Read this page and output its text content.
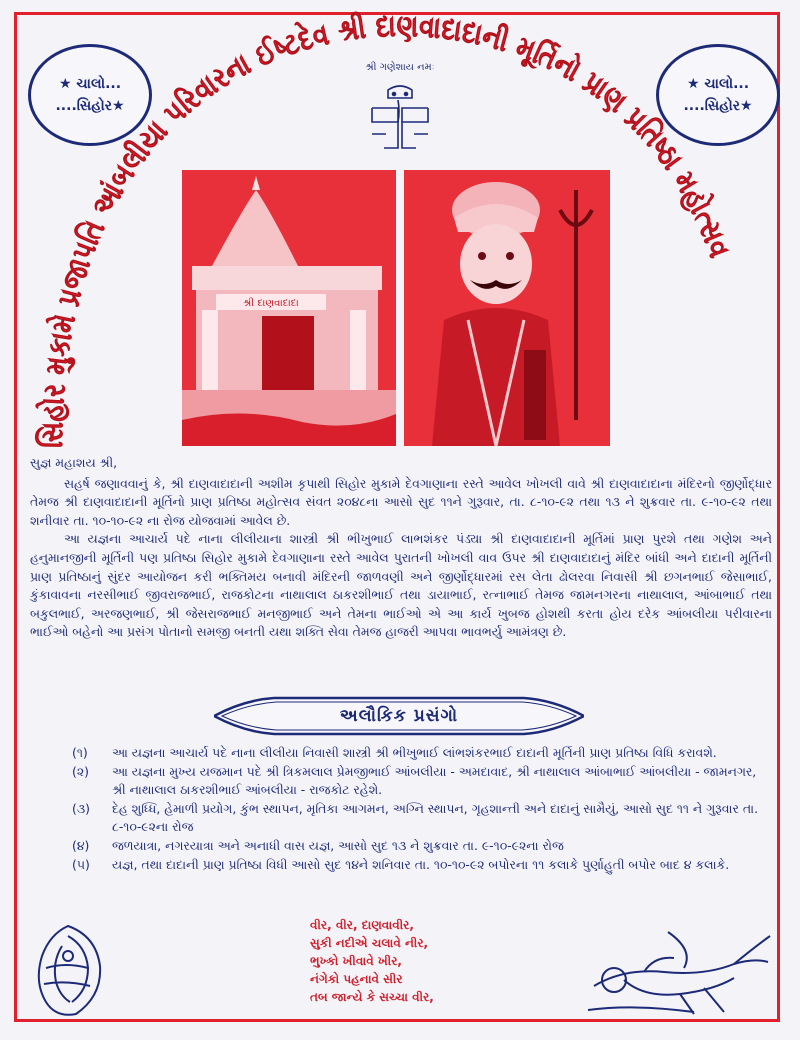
★ ચાલો...
....સિહોર★
★ ચાલો...
....સિહોર★
સિહોર મુકામે પ્રજાપતિ આંબલીયા પરિવારના ઈષ્ટદેવ શ્રી દાણવાદાદાની મૂર્તિનો પ્રાણ પ્રતિષ્ઠા મહોત્સવ
શ્રી ગણેશાય નમઃ
શ્રી દાણવાદાદા

સુજ્ઞ મહાશય શ્રી,

સહર્ષ જણાવવાનું કે, શ્રી દાણવાદાદાની અશીમ કૃપાથી સિહોર મુકામે દેવગાણાના રસ્તે આવેલ ખોખલી વાવે શ્રી દાણવાદાદાના મંદિરનો જીર્ણોદ્ધાર તેમજ શ્રી દાણવાદાદાની મૂર્તિનો પ્રાણ પ્રતિષ્ઠા મહોત્સવ સંવત ૨૦૪૮ના આસો સુદ ૧૧ને ગુરૂવાર, તા. ૮-૧૦-૯૨ તથા ૧૩ ને શુક્રવાર તા. ૯-૧૦-૯૨ તથા શનીવાર તા. ૧૦-૧૦-૯૨ ના રોજ યોજવામાં આવેલ છે.

આ યજ્ઞના આચાર્ય પદે નાના લીલીયાના શાસ્ત્રી શ્રી ભીખુભાઈ લાભશંકર પંડ્યા શ્રી દાણવાદાદાની મૂર્તિમાં પ્રાણ પુરશે તથા ગણેશ અને હનુમાનજીની મૂર્તિની પણ પ્રતિષ્ઠા સિહોર મુકામે દેવગાણાના રસ્તે આવેલ પુરાતની ખોખલી વાવ ઉપર શ્રી દાણવાદાદાનું મંદિર બાંધી અને દાદાની મૂર્તિની પ્રાણ પ્રતિષ્ઠાનું સુંદર આયોજન કરી ભક્તિમય બનાવી મંદિરની જાળવણી અને જીર્ણોદ્ધારમાં રસ લેતા ઢોલરવા નિવાસી શ્રી છગનભાઈ જેસાભાઈ, કુંકાવાવના નરસીભાઈ જીવરાજભાઈ, રાજકોટના નાથાલાલ ઠાકરશીભાઈ તથા ડાયાભાઈ, રત્નાભાઈ તેમજ જામનગરના નાથાલાલ, આંબાભાઈ તથા બકુલભાઈ, અરજણભાઈ, શ્રી જેસરાજભાઈ મનજીભાઈ અને તેમના ભાઈઓ એ આ કાર્ય ખુબજ હોશથી કરતા હોય દરેક આંબલીયા પરીવારના ભાઈઓ બહેનો આ પ્રસંગ પોતાનો સમજી બનતી યથા શક્તિ સેવા તેમજ હાજરી આપવા ભાવભર્યુ આમંત્રણ છે.

અલૌકિક પ્રસંગો
(૧)	આ યજ્ઞના આચાર્ય પદે નાના લીલીયા નિવાસી શાસ્ત્રી શ્રી ભીખુભાઈ લાંભશંકરભાઈ દાદાની મૂર્તિની પ્રાણ પ્રતિષ્ઠા વિધિ કરાવશે.
(૨)	આ યજ્ઞના મુખ્ય યજમાન પદે શ્રી ત્રિકમલાલ પ્રેમજીભાઈ આંબલીયા - અમદાવાદ, શ્રી નાથાલાલ આંબાભાઈ આંબલીયા - જામનગર, શ્રી નાથાલાલ ઠાકરશીભાઈ આંબલીયા - રાજકોટ રહેશે.
(૩)	દેહ શુધ્ધિ, હેમાળી પ્રયોગ, કુંભ સ્થાપન, મૃતિકા આગમન, અગ્નિ સ્થાપન, ગૃહશાન્તી અને દાદાનું સામૈયું, આસો સુદ ૧૧ ને ગુરૂવાર તા. ૮-૧૦-૯૨ના રોજ
(૪)	જળયાત્રા, નગરયાત્રા અને અનાધી વાસ યજ્ઞ, આસો સુદ ૧૩ ને શુક્રવાર તા. ૯-૧૦-૯૨ના રોજ
(૫)	યજ્ઞ, તથા દાદાની પ્રાણ પ્રતિષ્ઠા વિધી આસો સુદ ૧૪ને શનિવાર તા. ૧૦-૧૦-૯૨ બપોરના ૧૧ કલાકે પુર્ણાહુતી બપોર બાદ ૪ કલાકે.
વીર, વીર, દાણવાવીર,
સુકી નદીએ ચલાવે નીર,
ભુખ્કો ખીવાવે ખીર,
નંગેકો પહનાવે સીર
તબ જાન્યે કે સચ્ચા વીર,
